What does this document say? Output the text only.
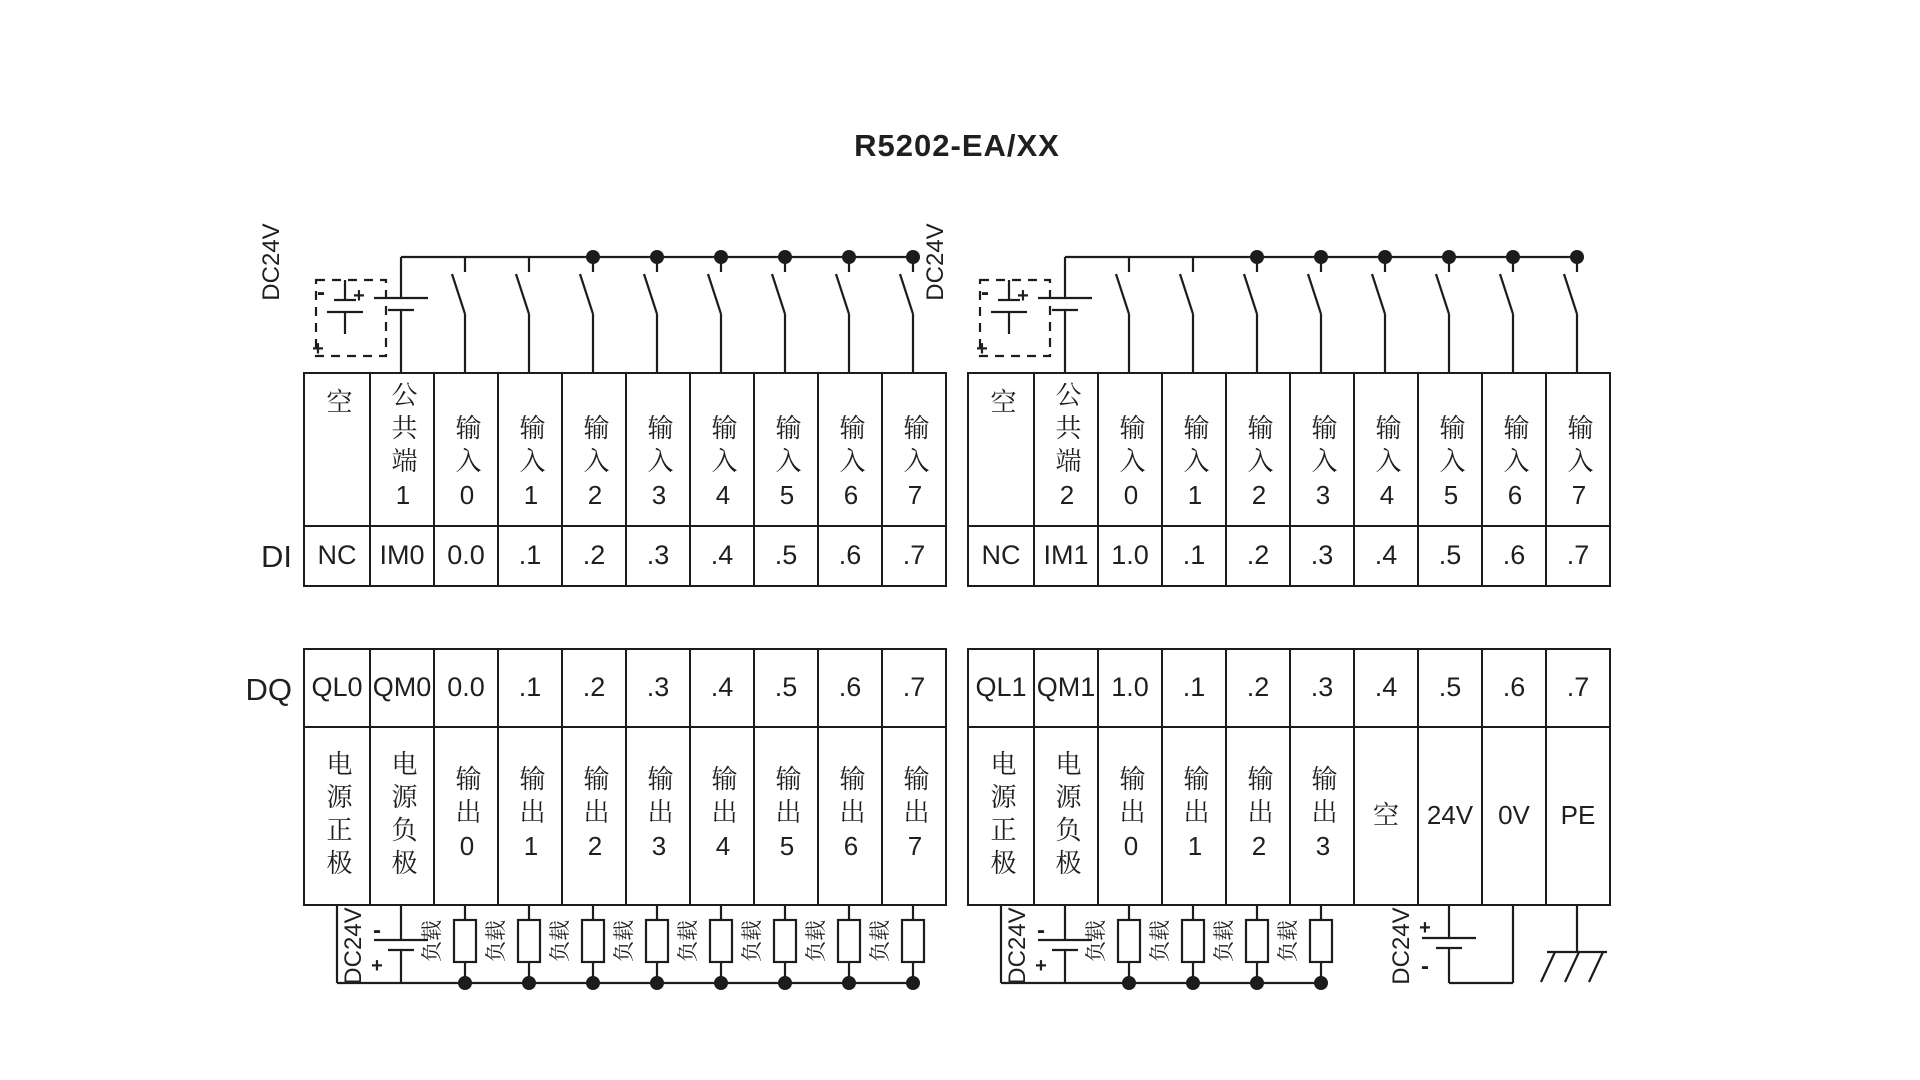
+
-
+
DC24V
-
+
DC24V	负载 负载 负载 负载 负载 负载 负载 负载
+
-
+
DC24V
-
+
DC24V	负载 负载 负载 负载	+
-
DC24V
R5202-EA/XX
DI
DQ
空 公共端1 输入0 输入1 输入2 输入3 输入4 输入5 输入6 输入7
NC IM0 0.0 .1 .2 .3 .4 .5 .6 .7
空 公共端2 输入0 输入1 输入2 输入3 输入4 输入5 输入6 输入7
NC IM1 1.0 .1 .2 .3 .4 .5 .6 .7
QL0 QM0 0.0 .1 .2 .3 .4 .5 .6 .7
电源正极 电源负极 输出0 输出1 输出2 输出3 输出4 输出5 输出6 输出7
QL1 QM1 1.0 .1 .2 .3 .4 .5 .6 .7
电源正极 电源负极 输出0 输出1 输出2 输出3 空 24V 0V PE
